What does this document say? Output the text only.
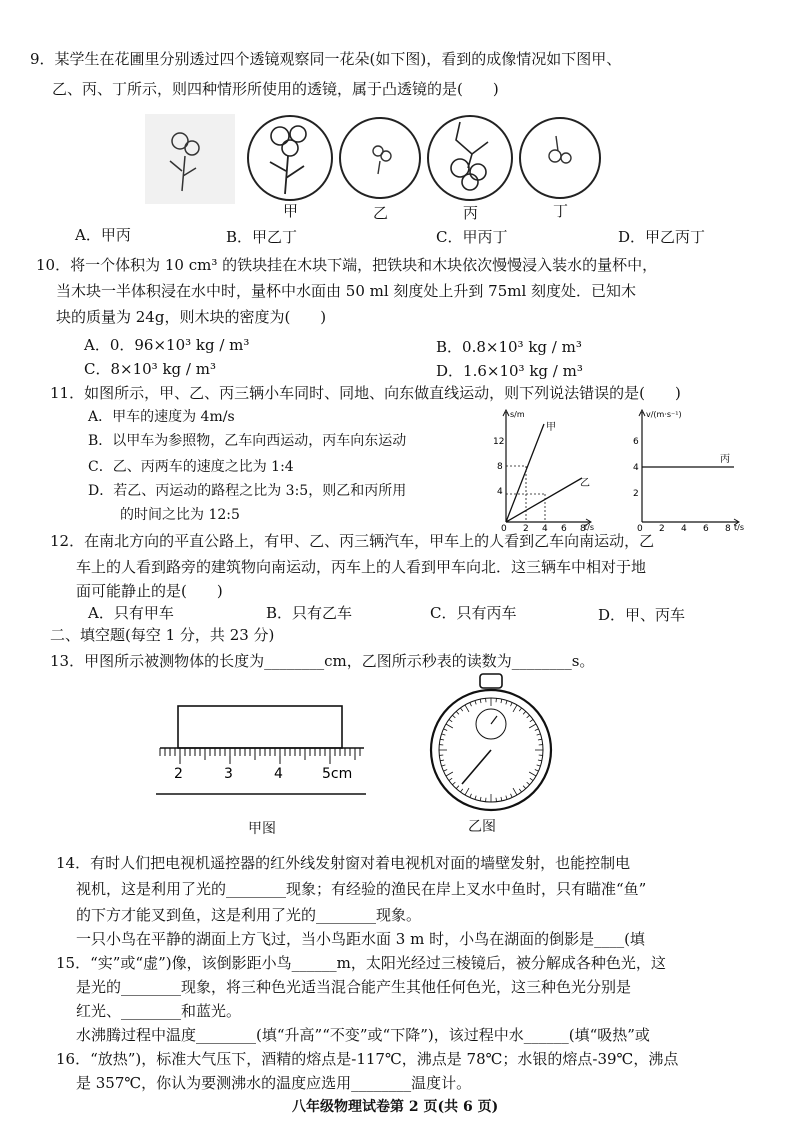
9．某学生在花圃里分别透过四个透镜观察同一花朵(如下图)，看到的成像情况如下图甲、
乙、丙、丁所示，则四种情形所使用的透镜，属于凸透镜的是(　　)
甲	乙	丙	丁
A．甲丙	B．甲乙丁	C．甲丙丁	D．甲乙丙丁
10．将一个体积为 10 cm³ 的铁块挂在木块下端，把铁块和木块依次慢慢浸入装水的量杯中，
当木块一半体积浸在水中时，量杯中水面由 50 ml 刻度处上升到 75ml 刻度处．已知木
块的质量为 24g，则木块的密度为(　　)
A．0．96×10³ kg / m³	B．0.8×10³ kg / m³
C．8×10³ kg / m³	D．1.6×10³ kg / m³
11．如图所示，甲、乙、丙三辆小车同时、同地、向东做直线运动，则下列说法错误的是(　　)
A．甲车的速度为 4m/s
B．以甲车为参照物，乙车向西运动，丙车向东运动
C．乙、丙两车的速度之比为 1:4
D．若乙、丙运动的路程之比为 3:5，则乙和丙所用
的时间之比为 12:5
s/m
t/s
4
8
12
0 2 4 6 8
甲
乙
v/(m·s⁻¹)
t/s
2
4
6
0 2 4 6 8
丙
12．在南北方向的平直公路上，有甲、乙、丙三辆汽车，甲车上的人看到乙车向南运动，乙
车上的人看到路旁的建筑物向南运动，丙车上的人看到甲车向北．这三辆车中相对于地
面可能静止的是(　　)
A．只有甲车	B．只有乙车	C．只有丙车	D．甲、丙车
二、填空题(每空 1 分，共 23 分)
13．甲图所示被测物体的长度为________cm，乙图所示秒表的读数为________s。
2	3	4	5cm
甲图	乙图
14．有时人们把电视机遥控器的红外线发射窗对着电视机对面的墙壁发射，也能控制电
视机，这是利用了光的________现象；有经验的渔民在岸上叉水中鱼时，只有瞄准“鱼”
的下方才能叉到鱼，这是利用了光的________现象。
一只小鸟在平静的湖面上方飞过，当小鸟距水面 3 m 时，小鸟在湖面的倒影是____(填
15．“实”或“虚”)像，该倒影距小鸟______m，太阳光经过三棱镜后，被分解成各种色光，这
是光的________现象，将三种色光适当混合能产生其他任何色光，这三种色光分别是
红光、________和蓝光。
水沸腾过程中温度________(填“升高”“不变”或“下降”)，该过程中水______(填“吸热”或
16．“放热”)，标准大气压下，酒精的熔点是-117℃，沸点是 78℃；水银的熔点-39℃，沸点
是 357℃，你认为要测沸水的温度应选用________温度计。
八年级物理试卷第 2 页(共 6 页)
